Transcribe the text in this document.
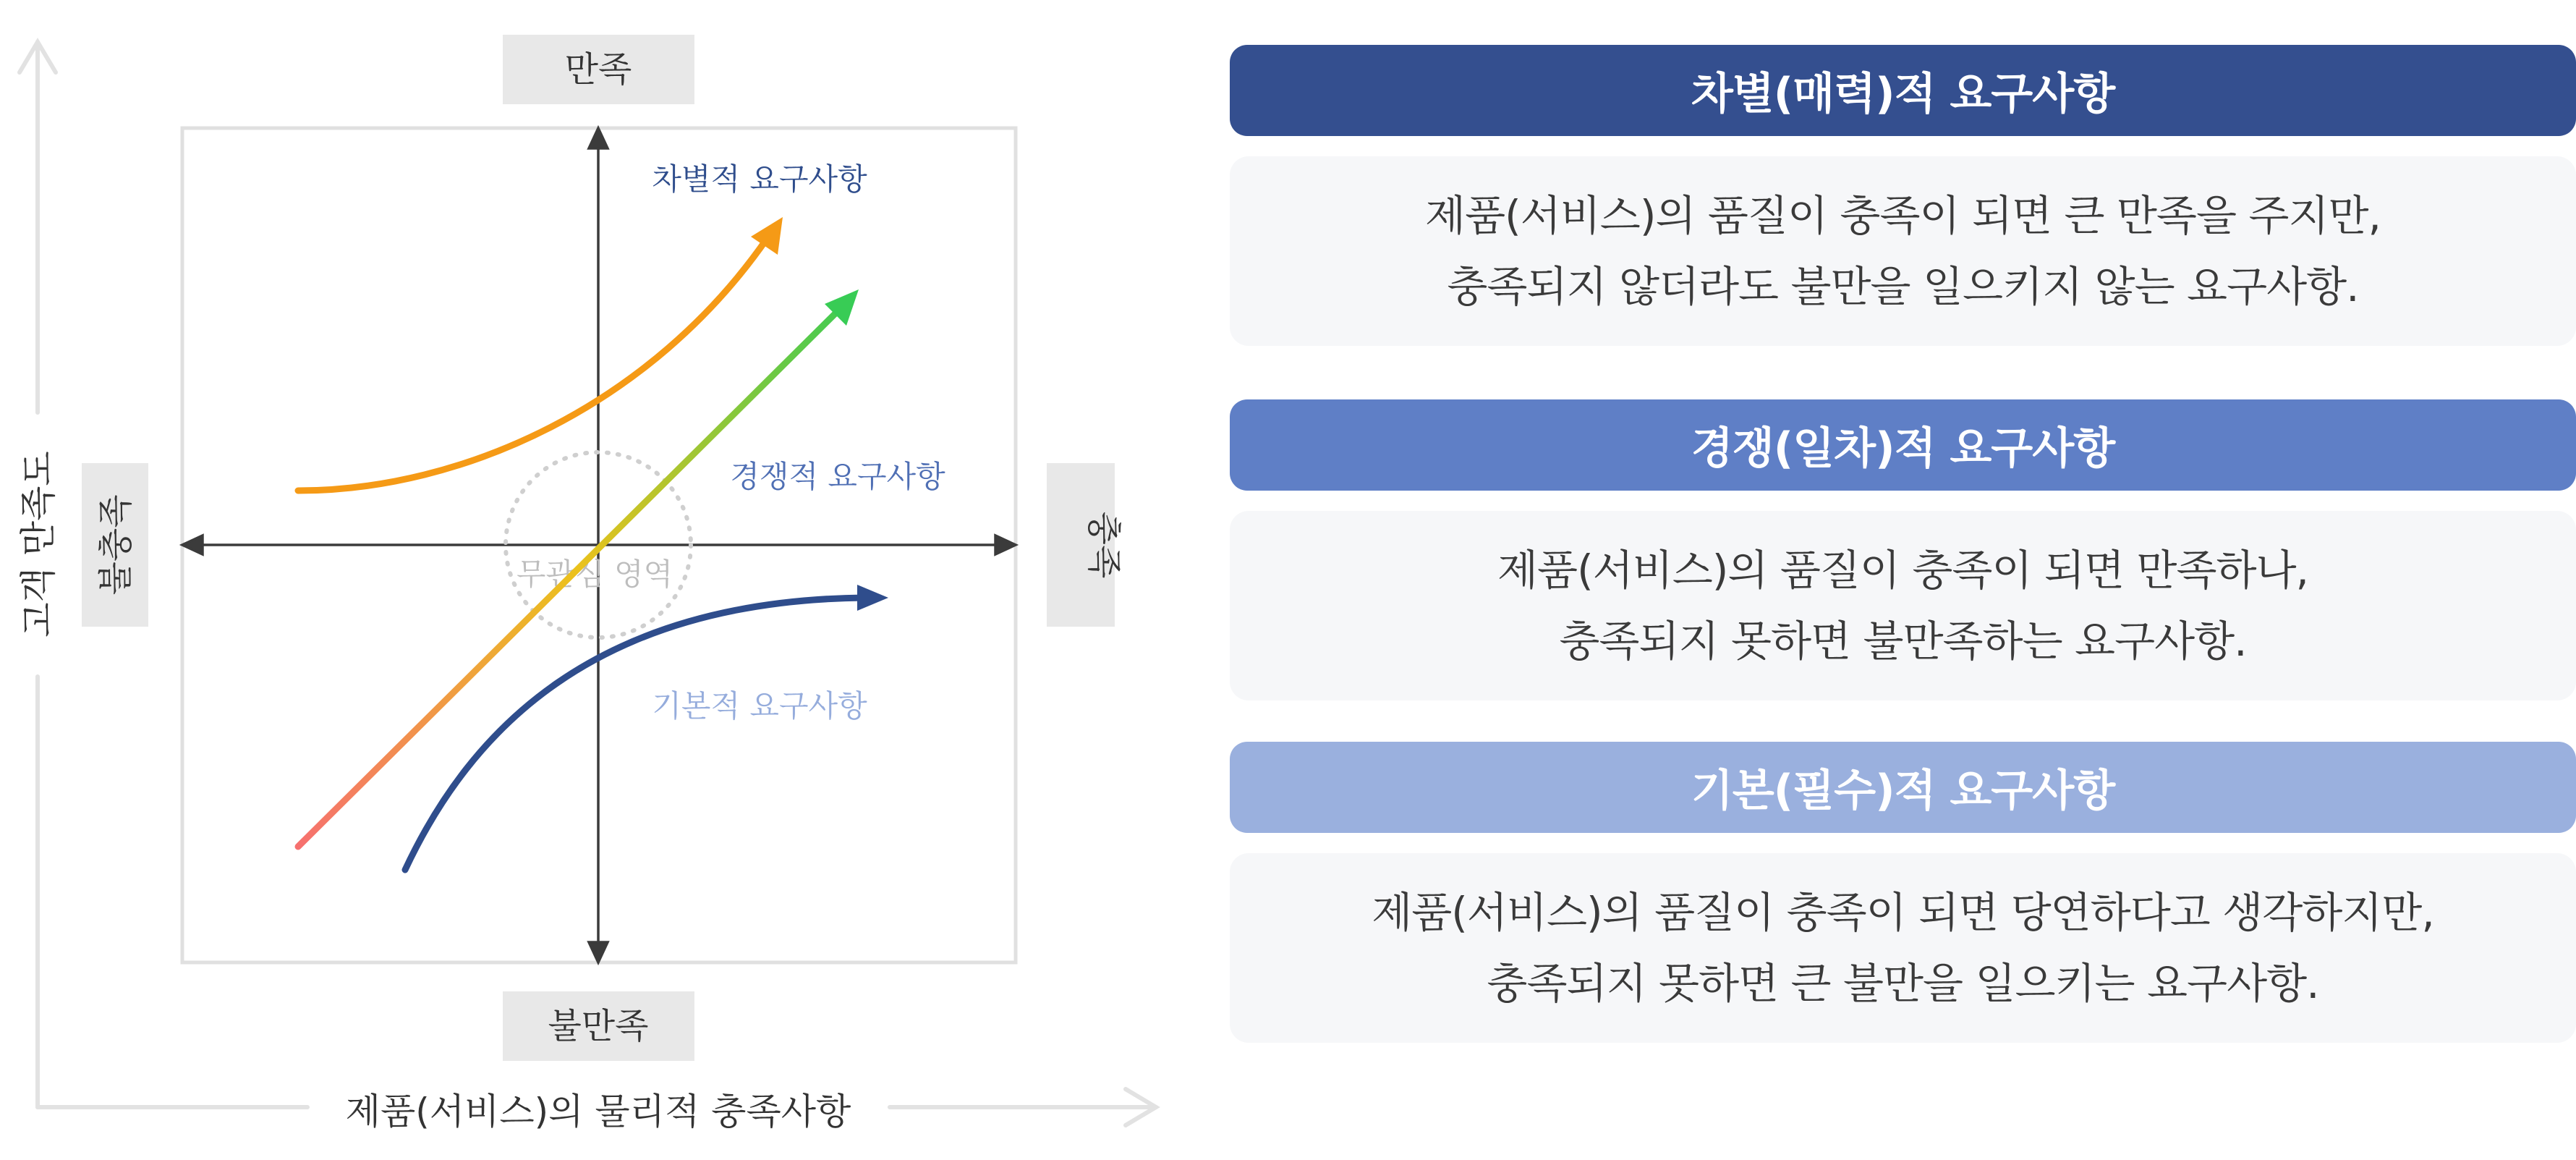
고객 만족도
제품(서비스)의 물리적 충족사항
만족
불만족
불충족	충족
무관심 영역
차별적 요구사항
경쟁적 요구사항
기본적 요구사항
차별(매력)적 요구사항
제품(서비스)의 품질이 충족이 되면 큰 만족을 주지만,
충족되지 않더라도 불만을 일으키지 않는 요구사항.
경쟁(일차)적 요구사항
제품(서비스)의 품질이 충족이 되면 만족하나,
충족되지 못하면 불만족하는 요구사항.
기본(필수)적 요구사항
제품(서비스)의 품질이 충족이 되면 당연하다고 생각하지만,
충족되지 못하면 큰 불만을 일으키는 요구사항.
